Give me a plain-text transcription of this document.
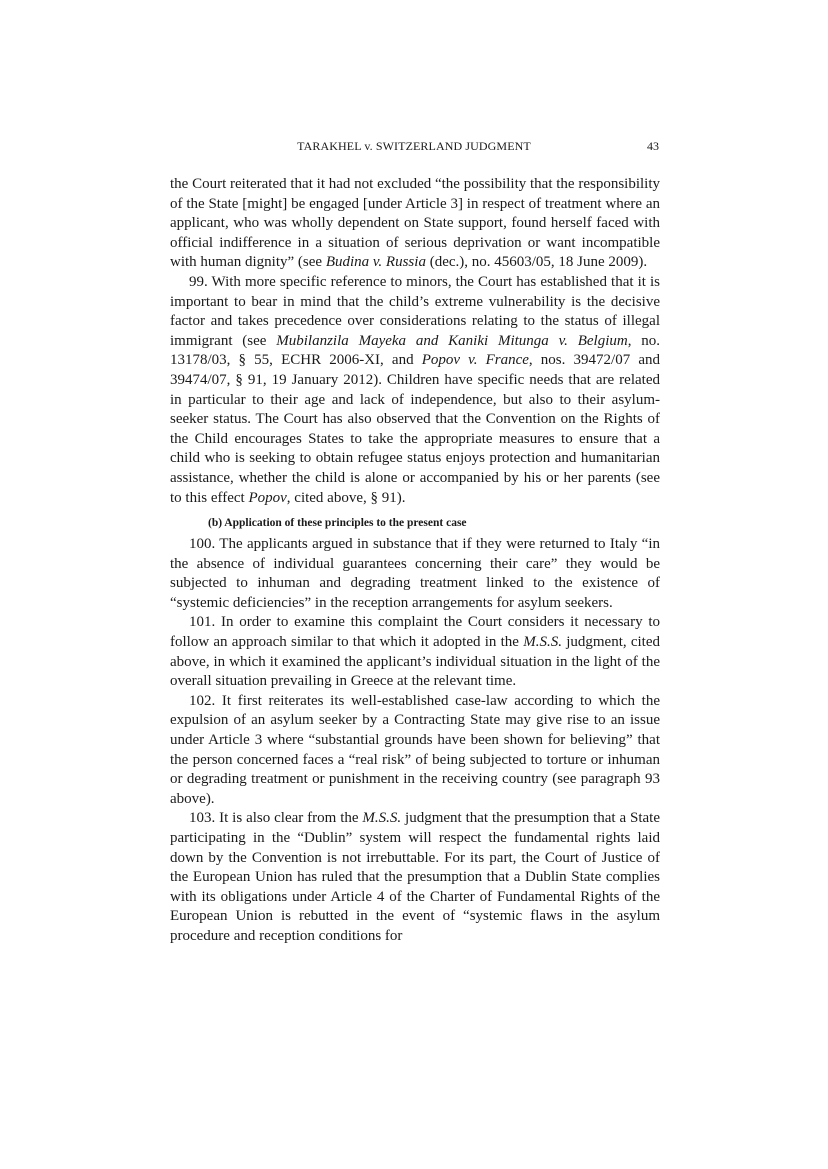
TARAKHEL v. SWITZERLAND JUDGMENT	43

the Court reiterated that it had not excluded “the possibility that the responsibility of the State [might] be engaged [under Article 3] in respect of treatment where an applicant, who was wholly dependent on State support, found herself faced with official indifference in a situation of serious deprivation or want incompatible with human dignity” (see Budina v. Russia (dec.), no. 45603/05, 18 June 2009).

99. With more specific reference to minors, the Court has established that it is important to bear in mind that the child’s extreme vulnerability is the decisive factor and takes precedence over considerations relating to the status of illegal immigrant (see Mubilanzila Mayeka and Kaniki Mitunga v. Belgium, no. 13178/03, § 55, ECHR 2006-XI, and Popov v. France, nos. 39472/07 and 39474/07, § 91, 19 January 2012). Children have specific needs that are related in particular to their age and lack of independence, but also to their asylum-seeker status. The Court has also observed that the Convention on the Rights of the Child encourages States to take the appropriate measures to ensure that a child who is seeking to obtain refugee status enjoys protection and humanitarian assistance, whether the child is alone or accompanied by his or her parents (see to this effect Popov, cited above, § 91).

(b) Application of these principles to the present case

100. The applicants argued in substance that if they were returned to Italy “in the absence of individual guarantees concerning their care” they would be subjected to inhuman and degrading treatment linked to the existence of “systemic deficiencies” in the reception arrangements for asylum seekers.

101. In order to examine this complaint the Court considers it necessary to follow an approach similar to that which it adopted in the M.S.S. judgment, cited above, in which it examined the applicant’s individual situation in the light of the overall situation prevailing in Greece at the relevant time.

102. It first reiterates its well-established case-law according to which the expulsion of an asylum seeker by a Contracting State may give rise to an issue under Article 3 where “substantial grounds have been shown for believing” that the person concerned faces a “real risk” of being subjected to torture or inhuman or degrading treatment or punishment in the receiving country (see paragraph 93 above).

103. It is also clear from the M.S.S. judgment that the presumption that a State participating in the “Dublin” system will respect the fundamental rights laid down by the Convention is not irrebuttable. For its part, the Court of Justice of the European Union has ruled that the presumption that a Dublin State complies with its obligations under Article 4 of the Charter of Fundamental Rights of the European Union is rebutted in the event of “systemic flaws in the asylum procedure and reception conditions for
